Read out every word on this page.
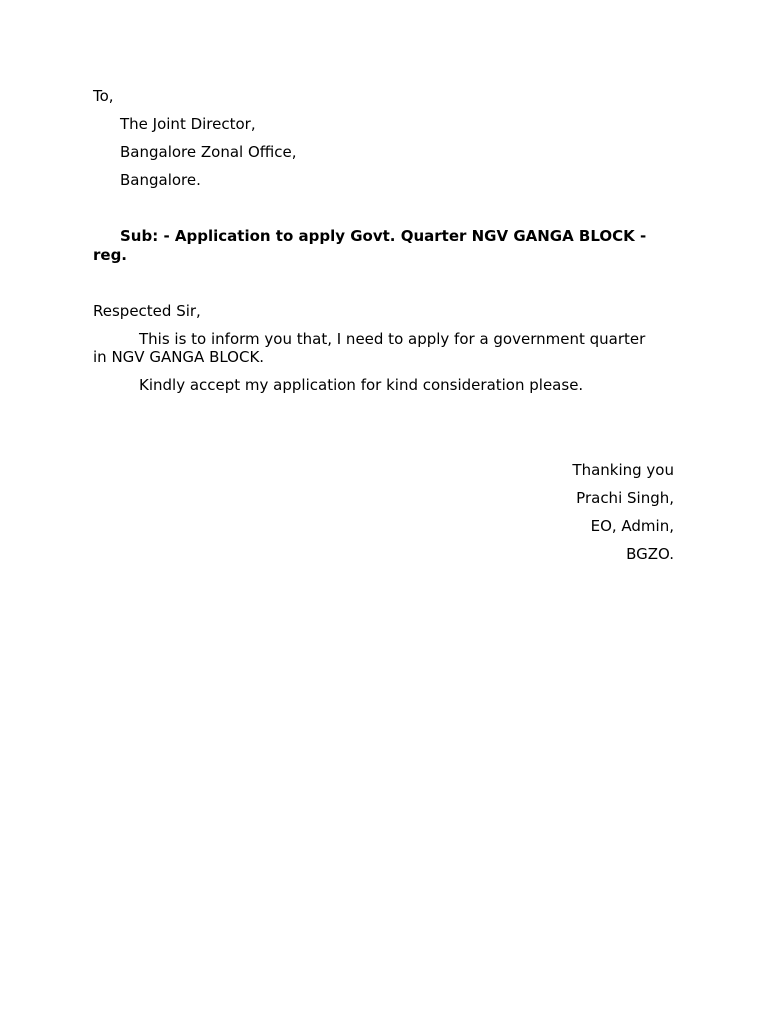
To,
The Joint Director,
Bangalore Zonal Office,
Bangalore.
Sub: - Application to apply Govt. Quarter NGV GANGA BLOCK -
reg.
Respected Sir,
This is to inform you that, I need to apply for a government quarter
in NGV GANGA BLOCK.
Kindly accept my application for kind consideration please.
Thanking you
Prachi Singh,
EO, Admin,
BGZO.
